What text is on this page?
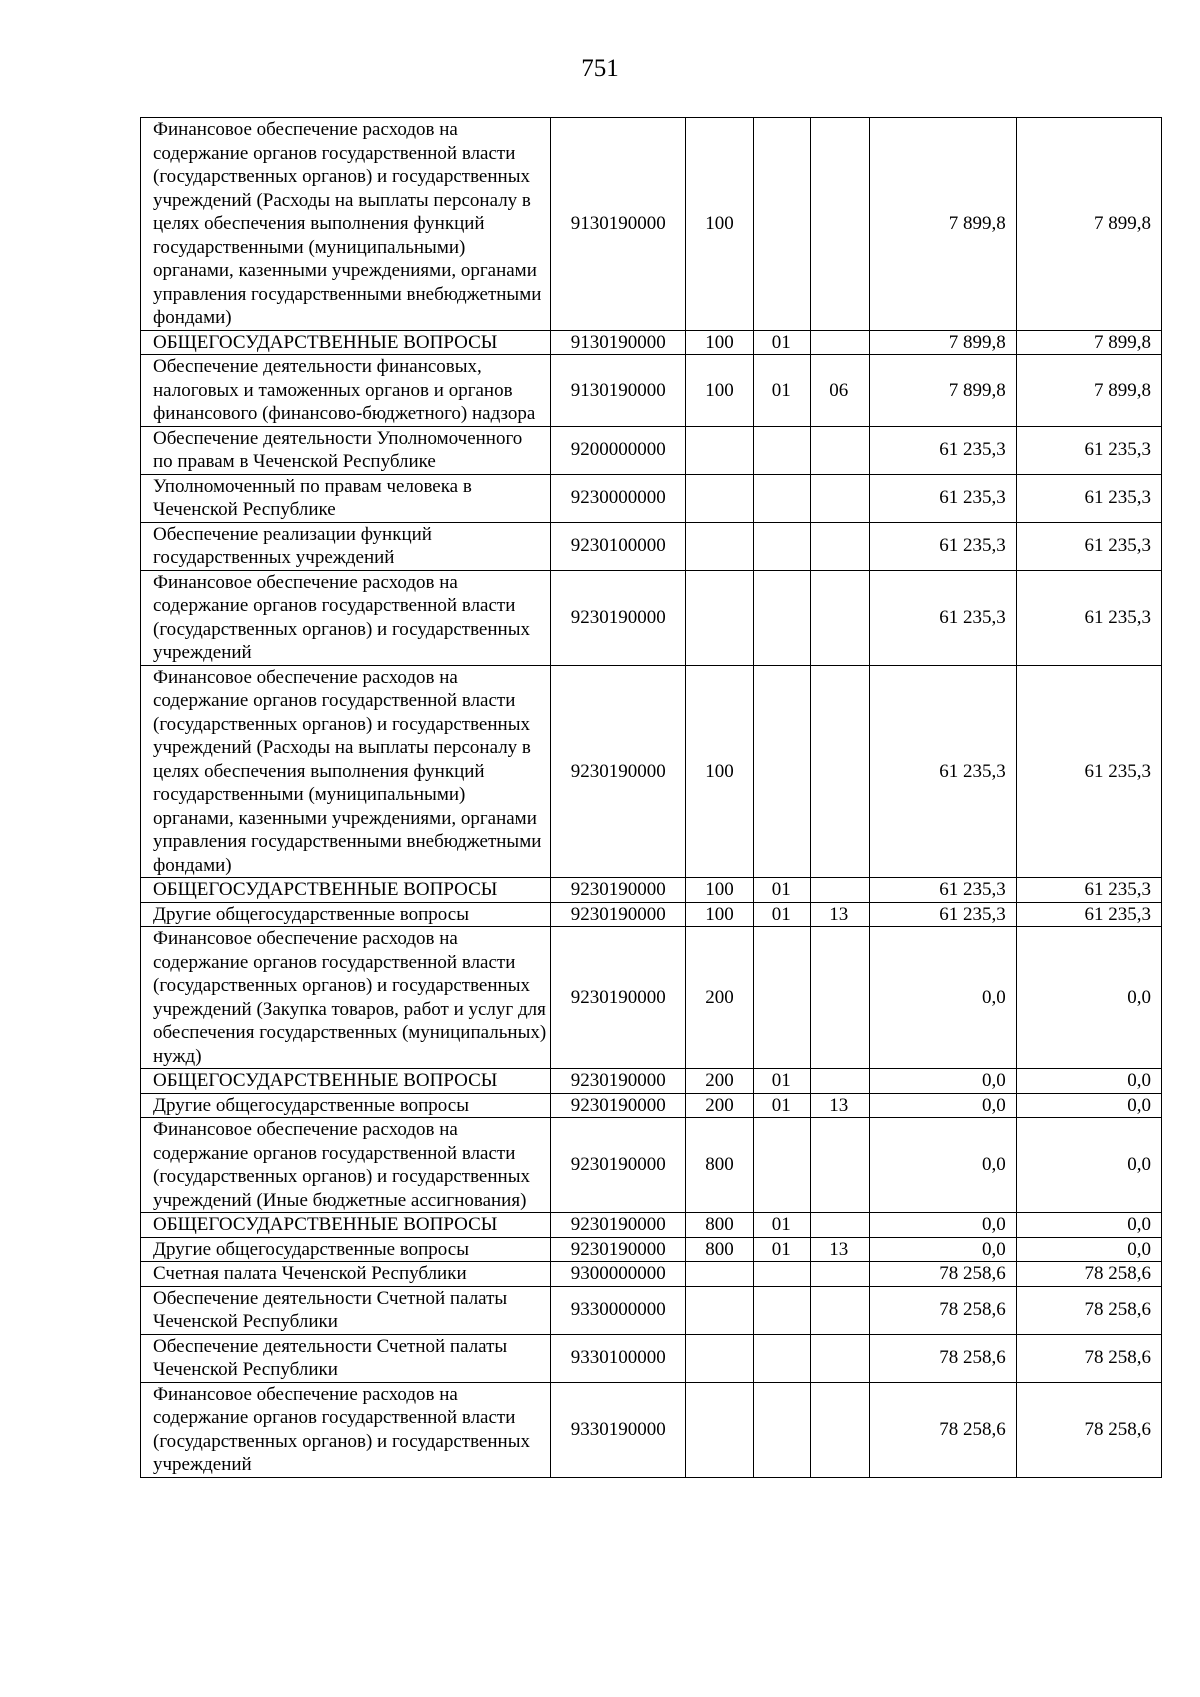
751
Финансовое обеспечение расходов на содержание органов государственной власти (государственных органов) и государственных учреждений (Расходы на выплаты персоналу в целях обеспечения выполнения функций государственными (муниципальными) органами, казенными учреждениями, органами управления государственными внебюджетными фондами)	9130190000	100			7 899,8	7 899,8
ОБЩЕГОСУДАРСТВЕННЫЕ ВОПРОСЫ	9130190000	100	01		7 899,8	7 899,8
Обеспечение деятельности финансовых, налоговых и таможенных органов и органов финансового (финансово-бюджетного) надзора	9130190000	100	01	06	7 899,8	7 899,8
Обеспечение деятельности Уполномоченного по правам в Чеченской Республике	9200000000				61 235,3	61 235,3
Уполномоченный по правам человека в Чеченской Республике	9230000000				61 235,3	61 235,3
Обеспечение реализации функций государственных учреждений	9230100000				61 235,3	61 235,3
Финансовое обеспечение расходов на содержание органов государственной власти (государственных органов) и государственных учреждений	9230190000				61 235,3	61 235,3
Финансовое обеспечение расходов на содержание органов государственной власти (государственных органов) и государственных учреждений (Расходы на выплаты персоналу в целях обеспечения выполнения функций государственными (муниципальными) органами, казенными учреждениями, органами управления государственными внебюджетными фондами)	9230190000	100			61 235,3	61 235,3
ОБЩЕГОСУДАРСТВЕННЫЕ ВОПРОСЫ	9230190000	100	01		61 235,3	61 235,3
Другие общегосударственные вопросы	9230190000	100	01	13	61 235,3	61 235,3
Финансовое обеспечение расходов на содержание органов государственной власти (государственных органов) и государственных учреждений (Закупка товаров, работ и услуг для обеспечения государственных (муниципальных) нужд)	9230190000	200			0,0	0,0
ОБЩЕГОСУДАРСТВЕННЫЕ ВОПРОСЫ	9230190000	200	01		0,0	0,0
Другие общегосударственные вопросы	9230190000	200	01	13	0,0	0,0
Финансовое обеспечение расходов на содержание органов государственной власти (государственных органов) и государственных учреждений (Иные бюджетные ассигнования)	9230190000	800			0,0	0,0
ОБЩЕГОСУДАРСТВЕННЫЕ ВОПРОСЫ	9230190000	800	01		0,0	0,0
Другие общегосударственные вопросы	9230190000	800	01	13	0,0	0,0
Счетная палата Чеченской Республики	9300000000				78 258,6	78 258,6
Обеспечение деятельности Счетной палаты Чеченской Республики	9330000000				78 258,6	78 258,6
Обеспечение деятельности Счетной палаты Чеченской Республики	9330100000				78 258,6	78 258,6
Финансовое обеспечение расходов на содержание органов государственной власти (государственных органов) и государственных учреждений	9330190000				78 258,6	78 258,6
